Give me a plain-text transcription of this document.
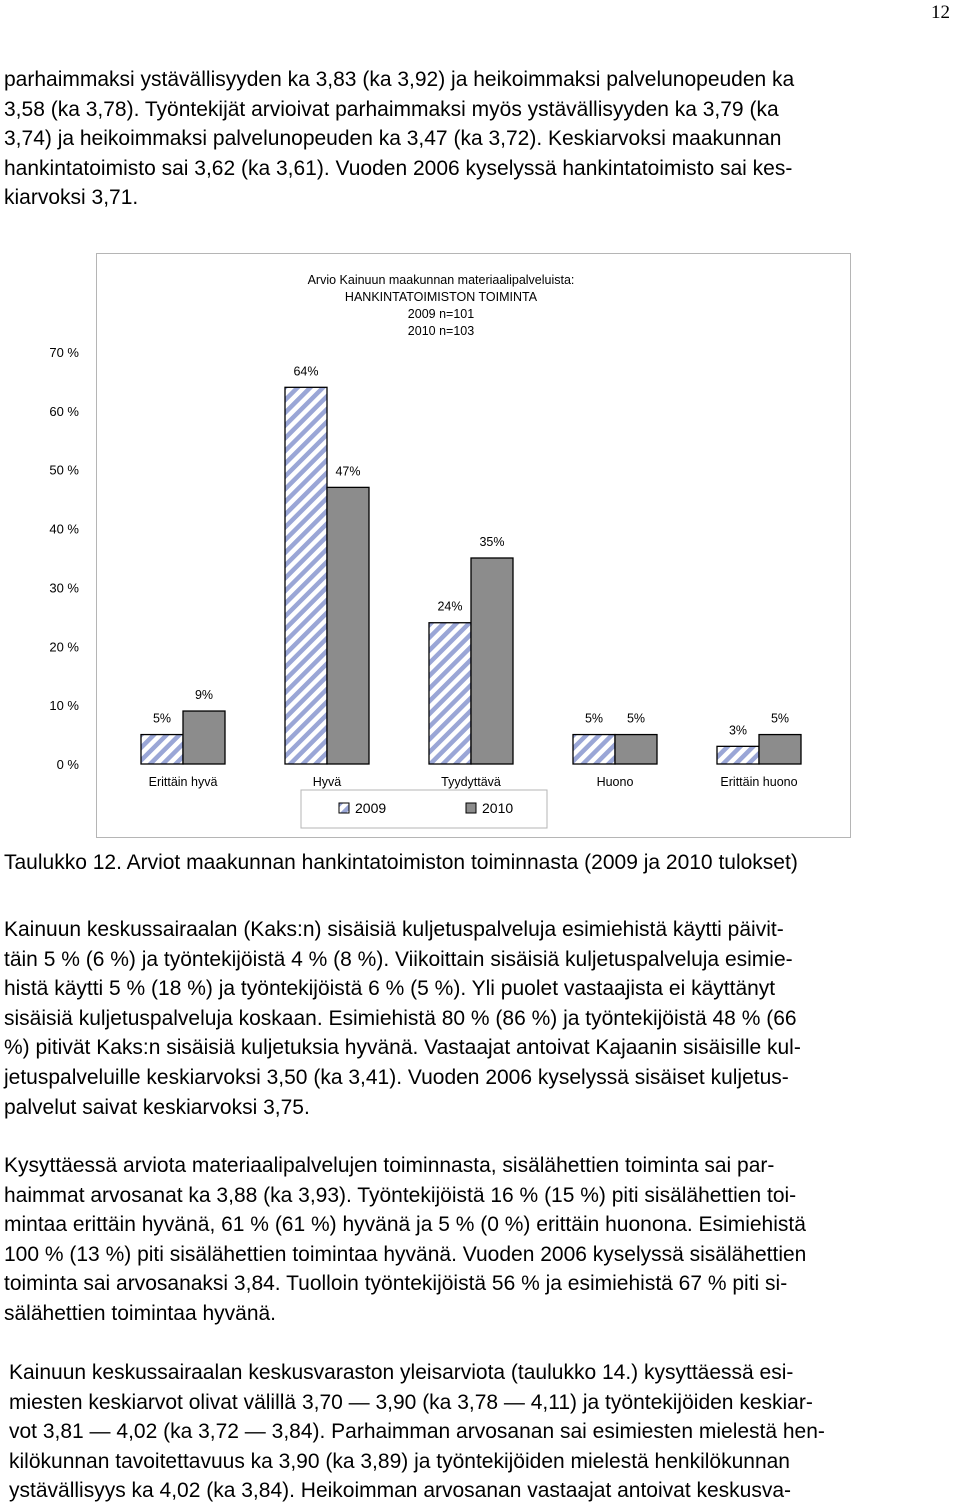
12
parhaimmaksi ystävällisyyden ka 3,83 (ka 3,92) ja heikoimmaksi palvelunopeuden ka
3,58 (ka 3,78). Työntekijät arvioivat parhaimmaksi myös ystävällisyyden ka 3,79 (ka
3,74) ja heikoimmaksi palvelunopeuden ka 3,47 (ka 3,72). Keskiarvoksi maakunnan
hankintatoimisto sai 3,62 (ka 3,61). Vuoden 2006 kyselyssä hankintatoimisto sai kes-
kiarvoksi 3,71.
Arvio Kainuun maakunnan materiaalipalveluista:
HANKINTATOIMISTON TOIMINTA
2009 n=101
2010 n=103
0 %
10 %
20 %
30 %
40 %
50 %
60 %
70 %
5%
9%
64%
47%
24%
35%
5% 5%
3%
5%
Erittäin hyvä	Hyvä	Tyydyttävä	Huono	Erittäin huono
2009	2010
Taulukko 12. Arviot maakunnan hankintatoimiston toiminnasta (2009 ja 2010 tulokset)
Kainuun keskussairaalan (Kaks:n) sisäisiä kuljetuspalveluja esimiehistä käytti päivit-
täin 5 % (6 %) ja työntekijöistä 4 % (8 %). Viikoittain sisäisiä kuljetuspalveluja esimie-
histä käytti 5 % (18 %) ja työntekijöistä 6 % (5 %). Yli puolet vastaajista ei käyttänyt
sisäisiä kuljetuspalveluja koskaan. Esimiehistä 80 % (86 %) ja työntekijöistä 48 % (66
%) pitivät Kaks:n sisäisiä kuljetuksia hyvänä. Vastaajat antoivat Kajaanin sisäisille kul-
jetuspalveluille keskiarvoksi 3,50 (ka 3,41). Vuoden 2006 kyselyssä sisäiset kuljetus-
palvelut saivat keskiarvoksi 3,75.
Kysyttäessä arviota materiaalipalvelujen toiminnasta, sisälähettien toiminta sai par-
haimmat arvosanat ka 3,88 (ka 3,93). Työntekijöistä 16 % (15 %) piti sisälähettien toi-
mintaa erittäin hyvänä, 61 % (61 %) hyvänä ja 5 % (0 %) erittäin huonona. Esimiehistä
100 % (13 %) piti sisälähettien toimintaa hyvänä. Vuoden 2006 kyselyssä sisälähettien
toiminta sai arvosanaksi 3,84. Tuolloin työntekijöistä 56 % ja esimiehistä 67 % piti si-
sälähettien toimintaa hyvänä.
Kainuun keskussairaalan keskusvaraston yleisarviota (taulukko 14.) kysyttäessä esi-
miesten keskiarvot olivat välillä 3,70 — 3,90 (ka 3,78 — 4,11) ja työntekijöiden keskiar-
vot 3,81 — 4,02 (ka 3,72 — 3,84). Parhaimman arvosanan sai esimiesten mielestä hen-
kilökunnan tavoitettavuus ka 3,90 (ka 3,89) ja työntekijöiden mielestä henkilökunnan
ystävällisyys ka 4,02 (ka 3,84). Heikoimman arvosanan vastaajat antoivat keskusva-
